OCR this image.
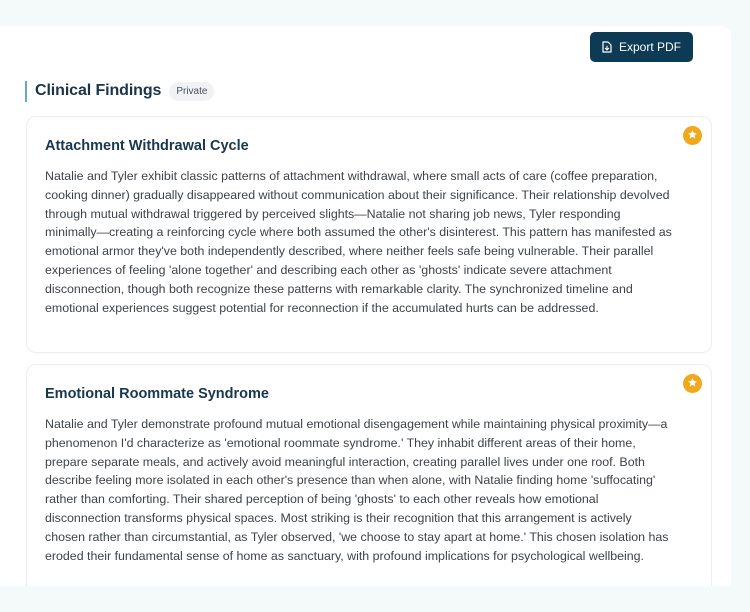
Export PDF
Clinical Findings	Private
Attachment Withdrawal Cycle
Natalie and Tyler exhibit classic patterns of attachment withdrawal, where small acts of care (coffee preparation, cooking dinner) gradually disappeared without communication about their significance. Their relationship devolved through mutual withdrawal triggered by perceived slights—Natalie not sharing job news, Tyler responding minimally—creating a reinforcing cycle where both assumed the other's disinterest. This pattern has manifested as emotional armor they've both independently described, where neither feels safe being vulnerable. Their parallel experiences of feeling 'alone together' and describing each other as 'ghosts' indicate severe attachment disconnection, though both recognize these patterns with remarkable clarity. The synchronized timeline and emotional experiences suggest potential for reconnection if the accumulated hurts can be addressed.
Emotional Roommate Syndrome
Natalie and Tyler demonstrate profound mutual emotional disengagement while maintaining physical proximity—a phenomenon I'd characterize as 'emotional roommate syndrome.' They inhabit different areas of their home, prepare separate meals, and actively avoid meaningful interaction, creating parallel lives under one roof. Both describe feeling more isolated in each other's presence than when alone, with Natalie finding home 'suffocating' rather than comforting. Their shared perception of being 'ghosts' to each other reveals how emotional disconnection transforms physical spaces. Most striking is their recognition that this arrangement is actively chosen rather than circumstantial, as Tyler observed, 'we choose to stay apart at home.' This chosen isolation has eroded their fundamental sense of home as sanctuary, with profound implications for psychological wellbeing.
